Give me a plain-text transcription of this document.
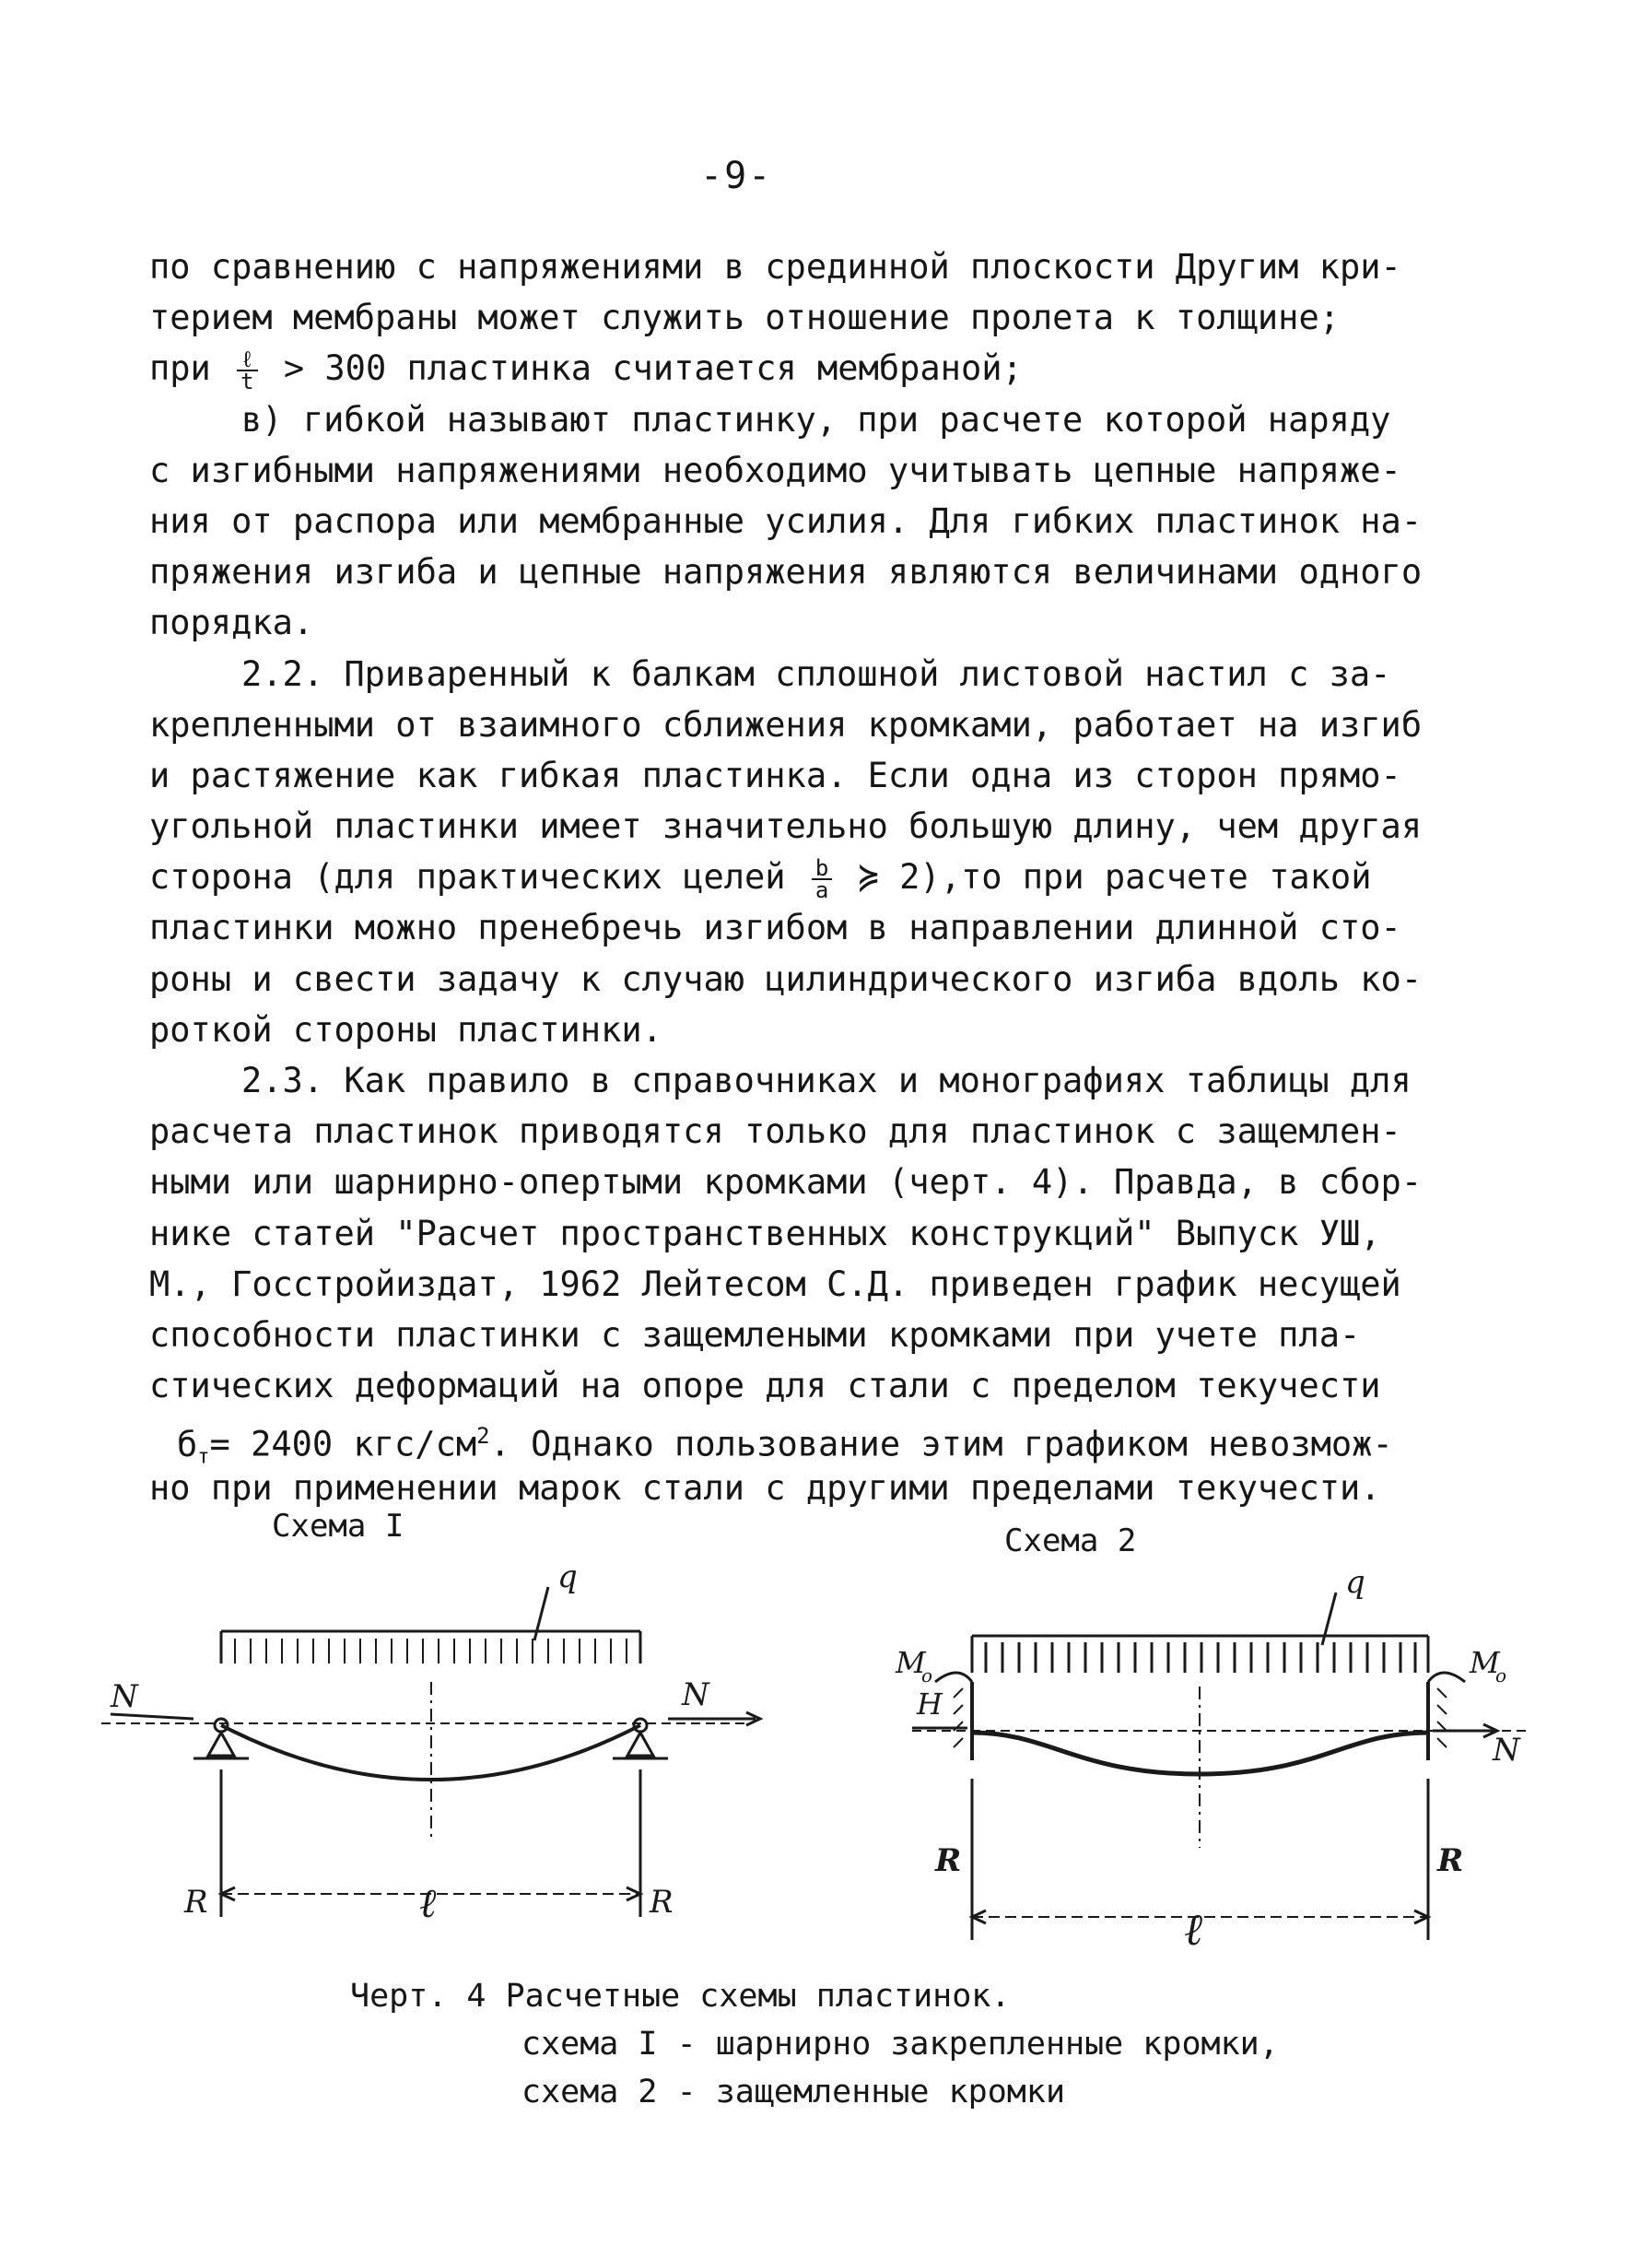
-9-
по сравнению с напряжениями в срединной плоскости Другим кри-
терием мембраны может служить отношение пролета к толщине;
при $\frac{\text{ℓ}}{t} > 300$ пластинка считается мембраной;
в) гибкой называют пластинку, при расчете которой наряду
с изгибными напряжениями необходимо учитывать цепные напряже-
ния от распора или мембранные усилия. Для гибких пластинок на-
пряжения изгиба и цепные напряжения являются величинами одного
порядка.
2.2. Приваренный к балкам сплошной листовой настил с за-
крепленными от взаимного сближения кромками, работает на изгиб
и растяжение как гибкая пластинка. Если одна из сторон прямо-
угольной пластинки имеет значительно большую длину, чем другая
сторона (для практических целей $\frac{b}{a}$ ≽ 2),то при расчете такой
пластинки можно пренебречь изгибом в направлении длинной сто-
роны и свести задачу к случаю цилиндрического изгиба вдоль ко-
роткой стороны пластинки.
2.3. Как правило в справочниках и монографиях таблицы для
расчета пластинок приводятся только для пластинок с защемлен-
ными или шарнирно-опертыми кромками (черт. 4). Правда, в сбор-
нике статей "Расчет пространственных конструкций" Выпуск УШ,
М., Госстройиздат, 1962 Лейтесом С.Д. приведен график несущей
способности пластинки с защемлеными кромками при учете пла-
стических деформаций на опоре для стали с пределом текучести
$б_т= 2400$ кгс/$см^2$. Однако пользование этим графиком невозмож-
но при применении марок стали с другими пределами текучести.
Схема I	Схема 2
q
N	N
R	R
ℓ
q
M
o	M
o
H
N
R	R
ℓ
Черт. 4 Расчетные схемы пластинок.
схема I - шарнирно закрепленные кромки,
схема 2 - защемленные кромки
